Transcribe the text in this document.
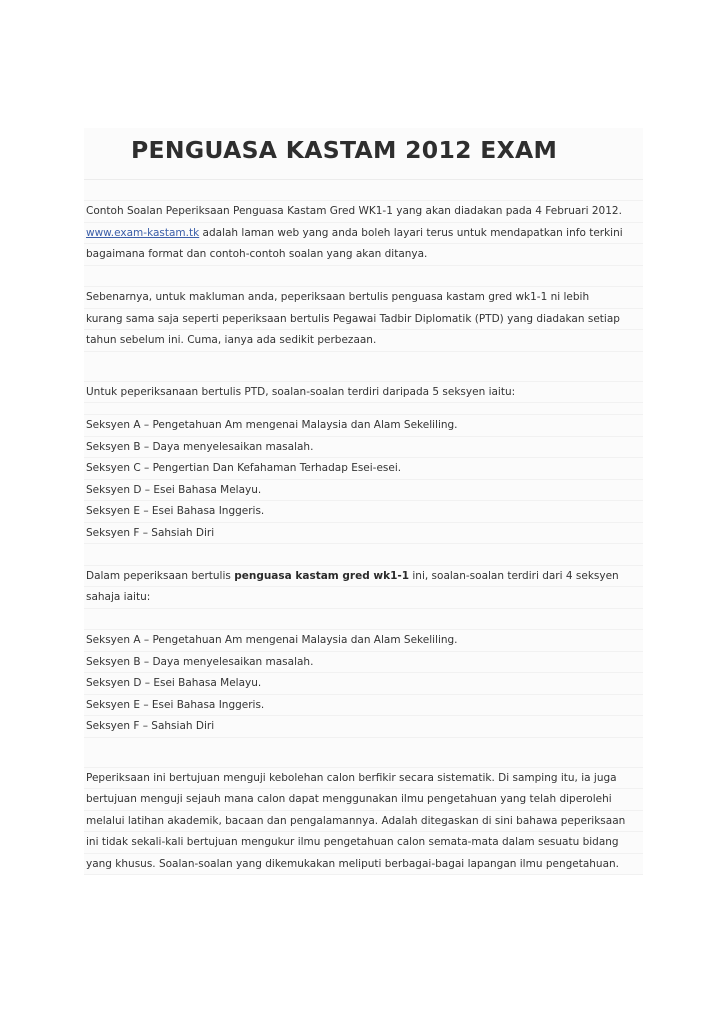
PENGUASA KASTAM 2012 EXAM
Contoh Soalan Peperiksaan Penguasa Kastam Gred WK1-1 yang akan diadakan pada 4 Februari 2012.
www.exam-kastam.tk adalah laman web yang anda boleh layari terus untuk mendapatkan info terkini
bagaimana format dan contoh-contoh soalan yang akan ditanya.
Sebenarnya, untuk makluman anda, peperiksaan bertulis penguasa kastam gred wk1-1 ni lebih
kurang sama saja seperti peperiksaan bertulis Pegawai Tadbir Diplomatik (PTD) yang diadakan setiap
tahun sebelum ini. Cuma, ianya ada sedikit perbezaan.
Untuk peperiksanaan bertulis PTD, soalan-soalan terdiri daripada 5 seksyen iaitu:
Seksyen A – Pengetahuan Am mengenai Malaysia dan Alam Sekeliling.
Seksyen B – Daya menyelesaikan masalah.
Seksyen C – Pengertian Dan Kefahaman Terhadap Esei-esei.
Seksyen D – Esei Bahasa Melayu.
Seksyen E – Esei Bahasa Inggeris.
Seksyen F – Sahsiah Diri
Dalam peperiksaan bertulis penguasa kastam gred wk1-1 ini, soalan-soalan terdiri dari 4 seksyen
sahaja iaitu:
Seksyen A – Pengetahuan Am mengenai Malaysia dan Alam Sekeliling.
Seksyen B – Daya menyelesaikan masalah.
Seksyen D – Esei Bahasa Melayu.
Seksyen E – Esei Bahasa Inggeris.
Seksyen F – Sahsiah Diri
Peperiksaan ini bertujuan menguji kebolehan calon berfikir secara sistematik. Di samping itu, ia juga
bertujuan menguji sejauh mana calon dapat menggunakan ilmu pengetahuan yang telah diperolehi
melalui latihan akademik, bacaan dan pengalamannya. Adalah ditegaskan di sini bahawa peperiksaan
ini tidak sekali-kali bertujuan mengukur ilmu pengetahuan calon semata-mata dalam sesuatu bidang
yang khusus. Soalan-soalan yang dikemukakan meliputi berbagai-bagai lapangan ilmu pengetahuan.
